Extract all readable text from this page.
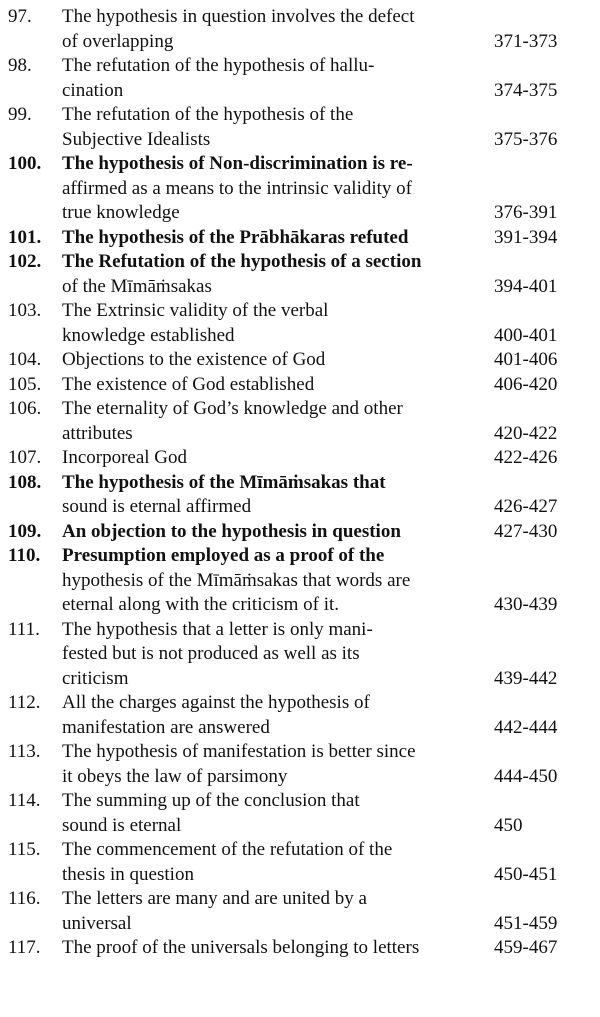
97.	The hypothesis in question involves the defect
of overlapping	371-373
98.	The refutation of the hypothesis of hallu-
cination	374-375
99.	The refutation of the hypothesis of the
Subjective Idealists	375-376
100.	The hypothesis of Non-discrimination is re-
affirmed as a means to the intrinsic validity of
true knowledge	376-391
101.	The hypothesis of the Prābhākaras refuted	391-394
102.	The Refutation of the hypothesis of a section
of the Mīmāṁsakas	394-401
103.	The Extrinsic validity of the verbal
knowledge established	400-401
104.	Objections to the existence of God	401-406
105.	The existence of God established	406-420
106.	The eternality of God’s knowledge and other
attributes	420-422
107.	Incorporeal God	422-426
108.	The hypothesis of the Mīmāṁsakas that
sound is eternal affirmed	426-427
109.	An objection to the hypothesis in question	427-430
110.	Presumption employed as a proof of the
hypothesis of the Mīmāṁsakas that words are
eternal along with the criticism of it.	430-439
111.	The hypothesis that a letter is only mani-
fested but is not produced as well as its
criticism	439-442
112.	All the charges against the hypothesis of
manifestation are answered	442-444
113.	The hypothesis of manifestation is better since
it obeys the law of parsimony	444-450
114.	The summing up of the conclusion that
sound is eternal	450
115.	The commencement of the refutation of the
thesis in question	450-451
116.	The letters are many and are united by a
universal	451-459
117.	The proof of the universals belonging to letters	459-467
